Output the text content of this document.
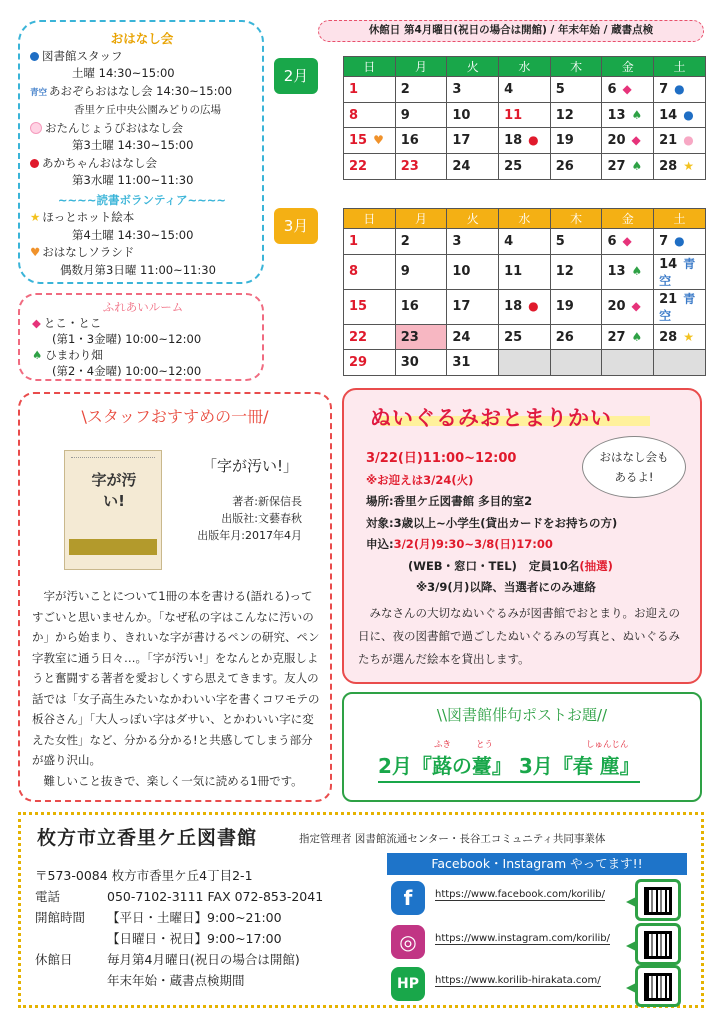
おはなし会
図書館スタッフ
土曜 14:30~15:00
青空 あおぞらおはなし会 14:30~15:00
香里ケ丘中央公園みどりの広場
おたんじょうびおはなし会
第3土曜 14:30~15:00
あかちゃんおはなし会
第3水曜 11:00~11:30
~~~~読書ボランティア~~~~
★ ほっとホット絵本
第4土曜 14:30~15:00
♥ おはなしソラシド
偶数月第3日曜 11:00~11:30
ふれあいルーム
◆ とこ・とこ
(第1・3金曜) 10:00~12:00
♠ ひまわり畑
(第2・4金曜) 10:00~12:00
休館日 第4月曜日(祝日の場合は開館) / 年末年始 / 蔵書点検
2月
3月
日	月	火	水	木	金	土
1	2	3	4	5	6 ◆	7 ●
8	9	10	11	12	13 ♠	14 ●
15 ♥	16	17	18 ●	19	20 ◆	21 ●
22	23	24	25	26	27 ♠	28 ★
日	月	火	水	木	金	土
1	2	3	4	5	6 ◆	7 ●
8	9	10	11	12	13 ♠	14 青空
15	16	17	18 ●	19	20 ◆	21 青空
22	23	24	25	26	27 ♠	28 ★
29	30	31				
\スタッフおすすめの一冊/
字が汚い!
「字が汚い!」
著者:新保信長
出版社:文藝春秋
出版年月:2017年4月

字が汚いことについて1冊の本を書ける(語れる)ってすごいと思いませんか。「なぜ私の字はこんなに汚いのか」から始まり、きれいな字が書けるペンの研究、ペン字教室に通う日々…。「字が汚い!」をなんとか克服しようと奮闘する著者を愛おしくすら思えてきます。友人の話では「女子高生みたいなかわいい字を書くコワモテの板谷さん」「大人っぽい字はダサい、とかわいい字に変えた女性」など、分かる分かる!と共感してしまう部分が盛り沢山。

難しいこと抜きで、楽しく一気に読める1冊です。

ぬいぐるみおとまりかい
おはなし会も
あるよ!
3/22(日)11:00~12:00
※お迎えは3/24(火)
場所:香里ケ丘図書館 多目的室2
対象:3歳以上~小学生(貸出カードをお持ちの方)
申込:3/2(月)9:30~3/8(日)17:00
(WEB・窓口・TEL) 定員10名(抽選)
※3/9(月)以降、当選者にのみ連絡
みなさんの大切なぬいぐるみが図書館でおとまり。お迎えの日に、夜の図書館で過ごしたぬいぐるみの写真と、ぬいぐるみたちが選んだ絵本を貸出します。
\\図書館俳句ポストお題//
ふき	とう	しゅんじん
2月『蕗の薹』 3月『春 塵』
枚方市立香里ケ丘図書館	指定管理者 図書館流通センター・長谷工コミュニティ共同事業体
〒573-0084 枚方市香里ケ丘4丁目2-1
電話	050-7102-3111 FAX 072-853-2041
開館時間 【平日・土曜日】9:00~21:00
【日曜日・祝日】9:00~17:00
休館日	毎月第4月曜日(祝日の場合は開館)
年末年始・蔵書点検期間
Facebook・Instagram やってます!!
f	https://www.facebook.com/korilib/
◎	https://www.instagram.com/korilib/
HP	https://www.korilib-hirakata.com/
